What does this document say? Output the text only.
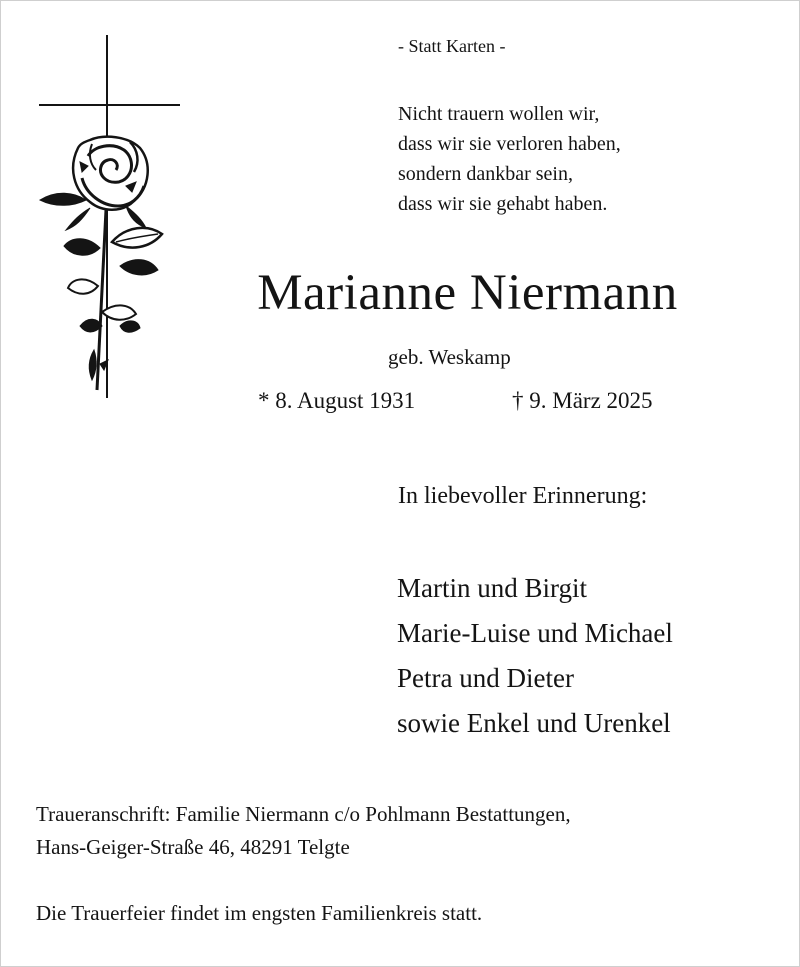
- Statt Karten -
Nicht trauern wollen wir,
dass wir sie verloren haben,
sondern dankbar sein,
dass wir sie gehabt haben.
Marianne Niermann
geb. Weskamp
* 8. August 1931	† 9. März 2025
In liebevoller Erinnerung:
Martin und Birgit
Marie-Luise und Michael
Petra und Dieter
sowie Enkel und Urenkel
Traueranschrift: Familie Niermann c/o Pohlmann Bestattungen,
Hans-Geiger-Straße 46, 48291 Telgte
Die Trauerfeier findet im engsten Familienkreis statt.
